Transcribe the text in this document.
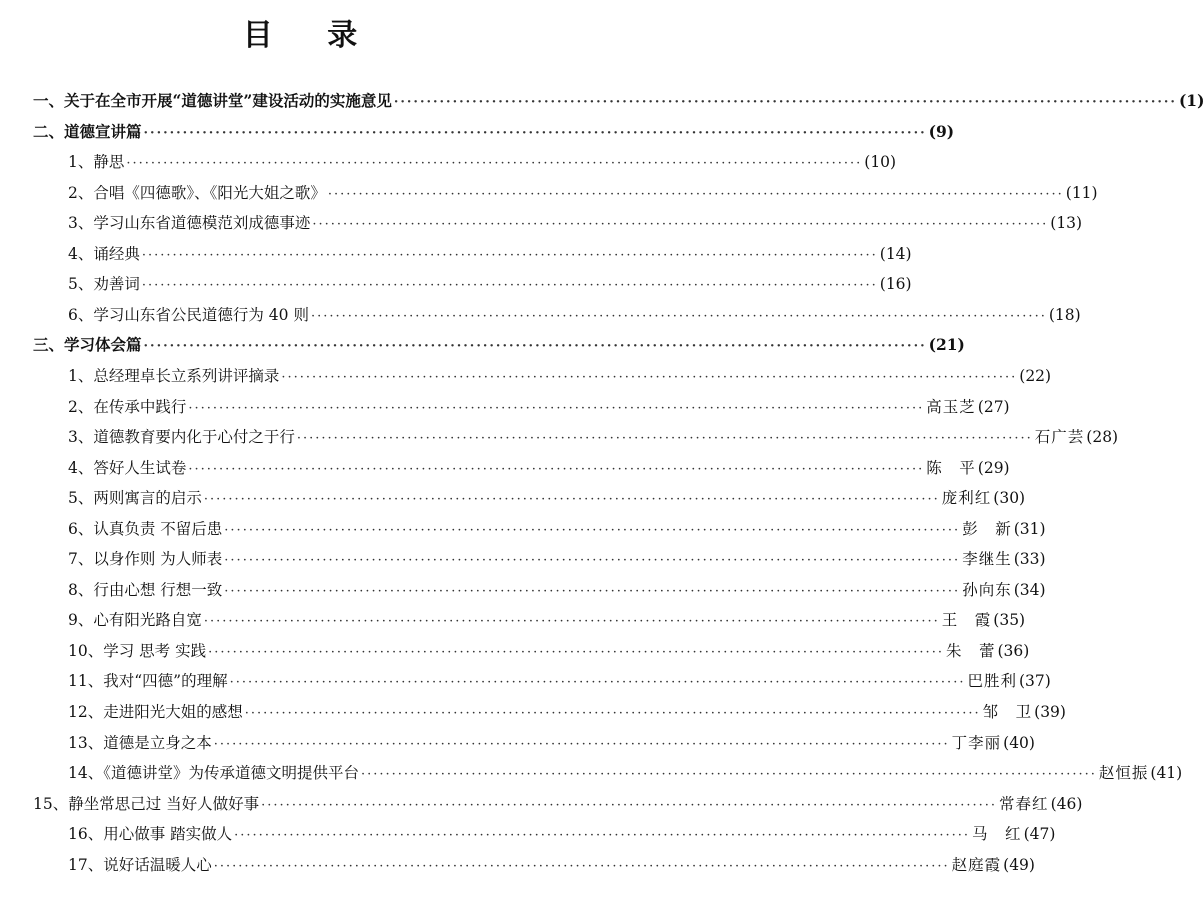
目 录
一、关于在全市开展“道德讲堂”建设活动的实施意见 ························································································································ (1)
二、道德宣讲篇 ························································································································ (9)
1、静思 ························································································································ (10)
2、合唱《四德歌》、《阳光大姐之歌》 ························································································································ (11)
3、学习山东省道德模范刘成德事迹 ························································································································ (13)
4、诵经典 ························································································································ (14)
5、劝善词 ························································································································ (16)
6、学习山东省公民道德行为 40 则 ························································································································ (18)
三、学习体会篇 ························································································································ (21)
1、总经理卓长立系列讲评摘录 ························································································································ (22)
2、在传承中践行 ························································································································ 高玉芝 (27)
3、道德教育要内化于心付之于行 ························································································································ 石广芸 (28)
4、答好人生试卷 ························································································································ 陈　平 (29)
5、两则寓言的启示 ························································································································ 庞利红 (30)
6、认真负责 不留后患 ························································································································ 彭　新 (31)
7、以身作则 为人师表 ························································································································ 李继生 (33)
8、行由心想 行想一致 ························································································································ 孙向东 (34)
9、心有阳光路自宽 ························································································································ 王　霞 (35)
10、学习 思考 实践 ························································································································ 朱　蕾 (36)
11、我对“四德”的理解 ························································································································ 巴胜利 (37)
12、走进阳光大姐的感想 ························································································································ 邹　卫 (39)
13、道德是立身之本 ························································································································ 丁李丽 (40)
14、《道德讲堂》为传承道德文明提供平台 ························································································································ 赵恒振 (41)
15、静坐常思己过 当好人做好事 ························································································································ 常春红 (46)
16、用心做事 踏实做人 ························································································································ 马　红 (47)
17、说好话温暖人心 ························································································································ 赵庭霞 (49)
